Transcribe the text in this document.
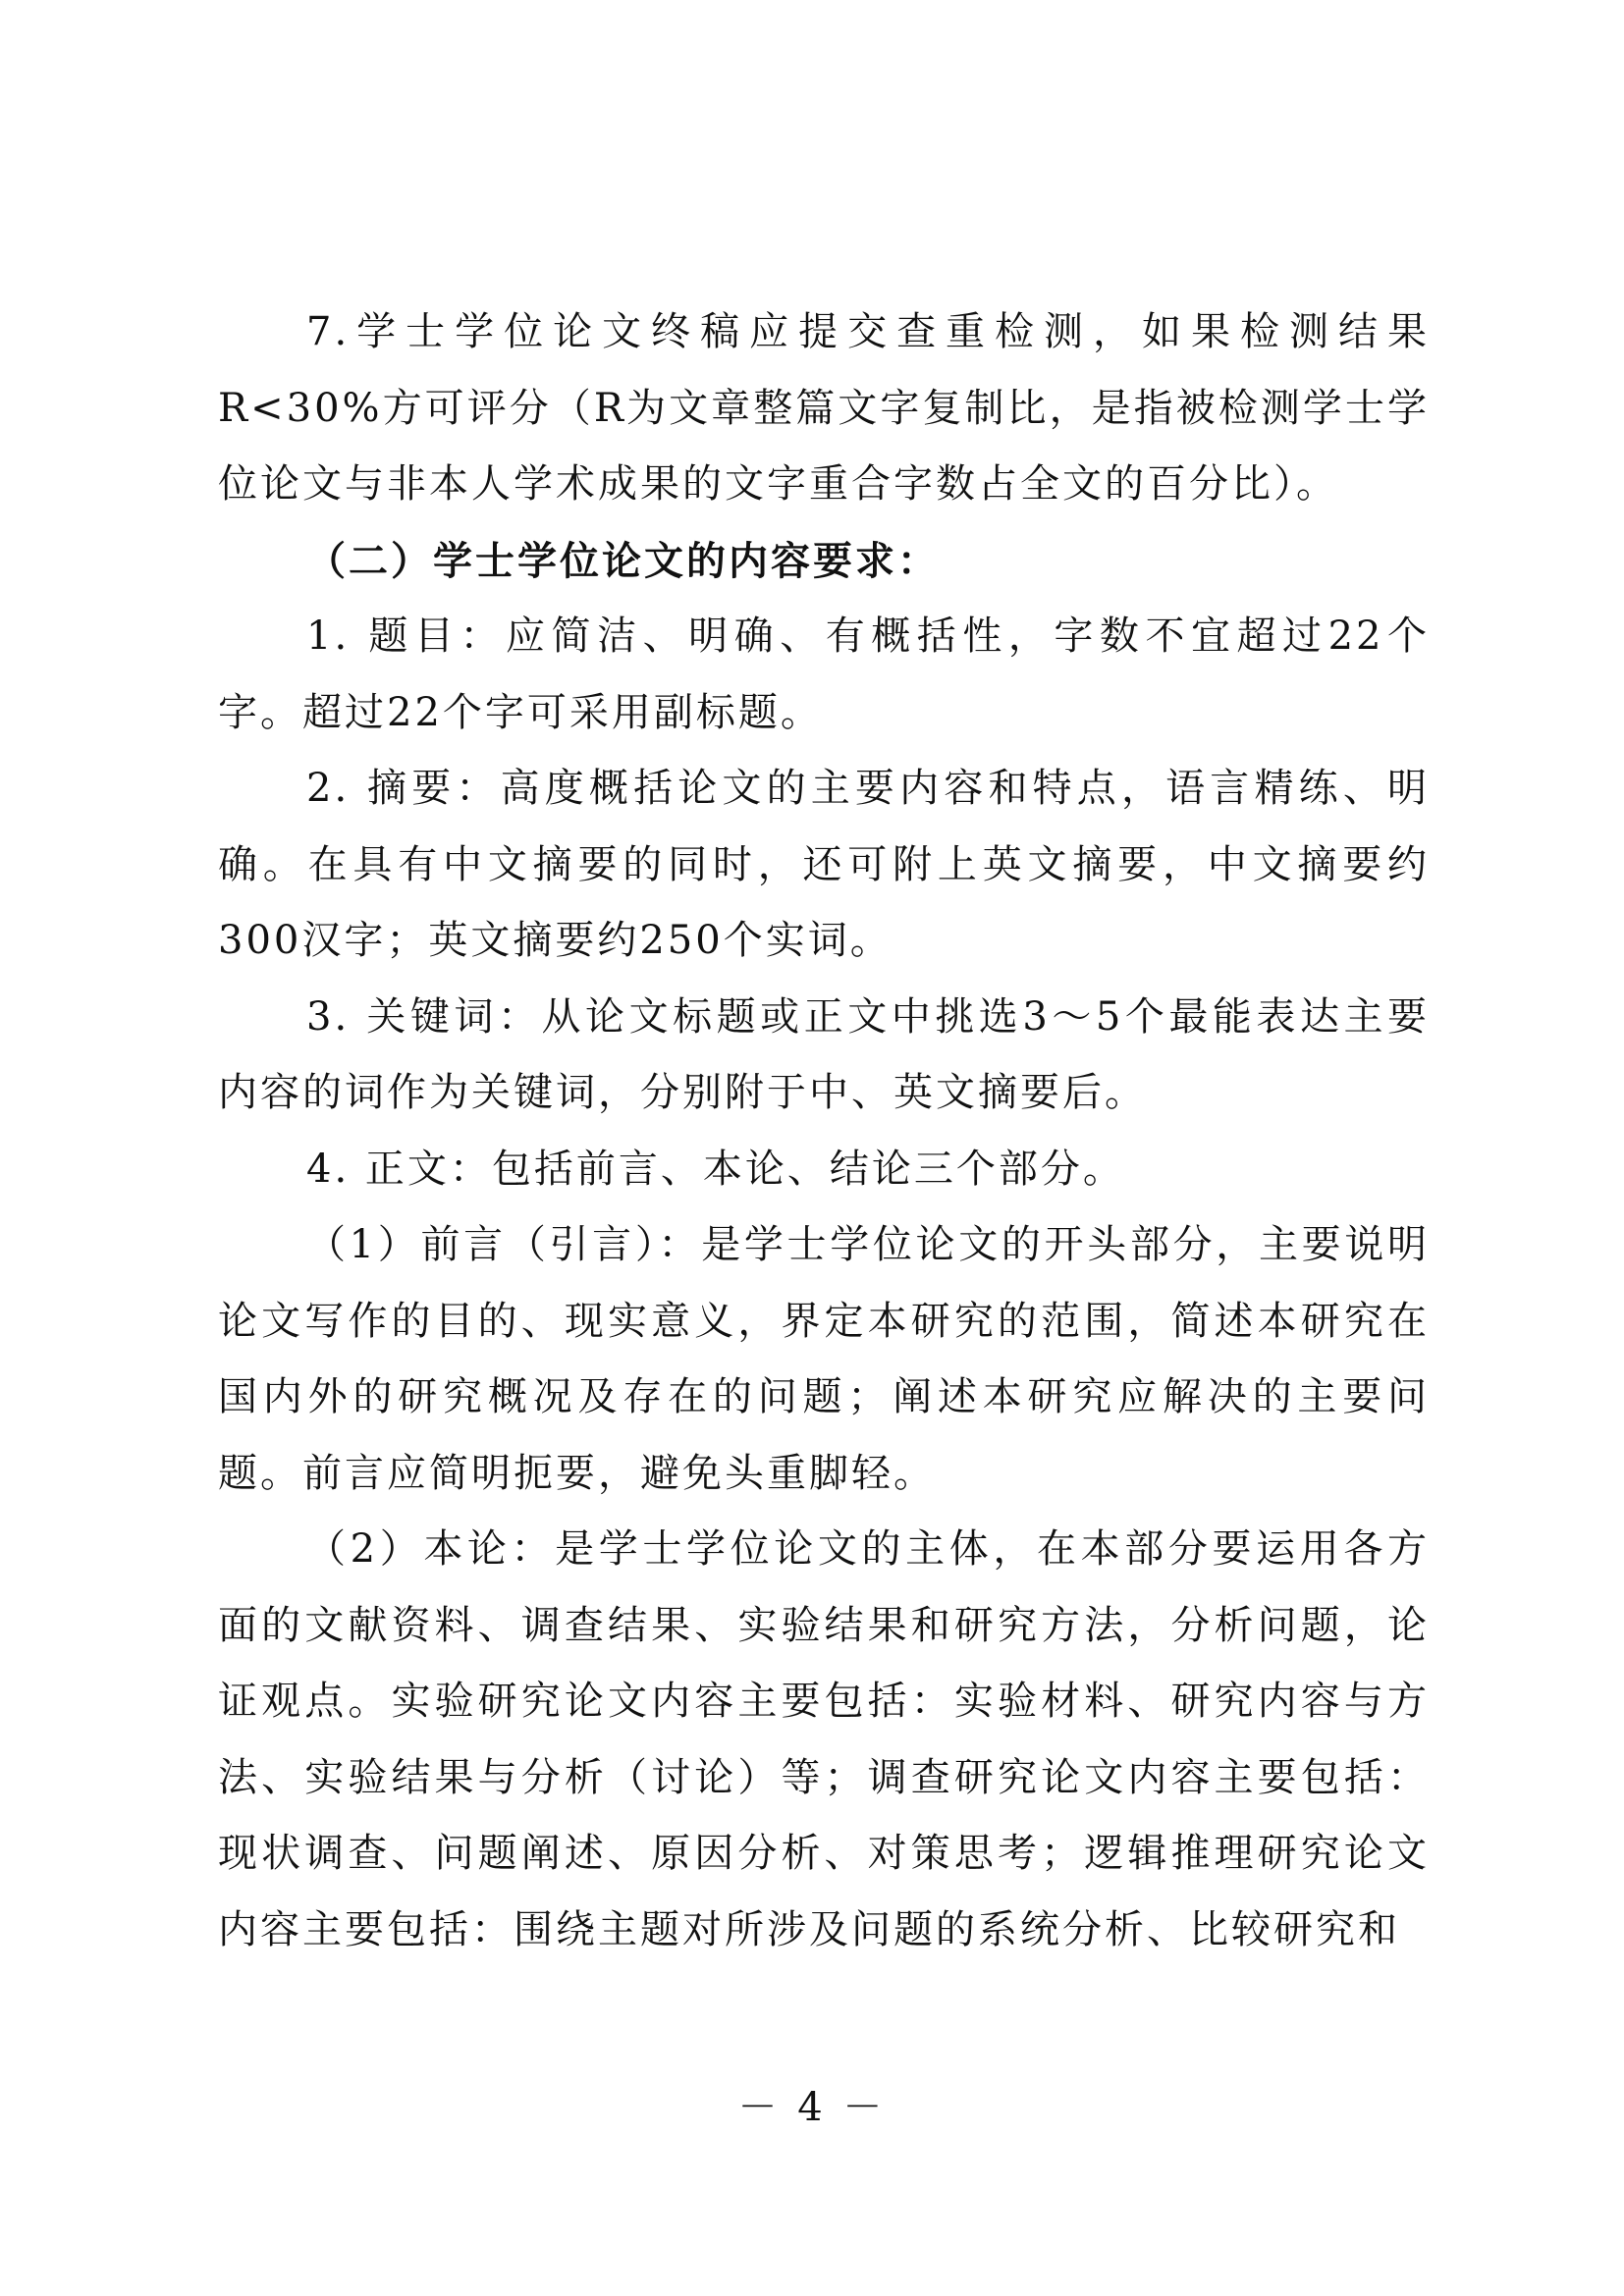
7.学士学位论文终稿应提交查重检测，如果检测结果R<30%方可评分（R为文章整篇文字复制比，是指被检测学士学位论文与非本人学术成果的文字重合字数占全文的百分比）。

（二）学士学位论文的内容要求：

1. 题目：应简洁、明确、有概括性，字数不宜超过22个字。超过22个字可采用副标题。

2. 摘要：高度概括论文的主要内容和特点，语言精练、明确。在具有中文摘要的同时，还可附上英文摘要，中文摘要约300汉字；英文摘要约250个实词。

3. 关键词：从论文标题或正文中挑选3～5个最能表达主要内容的词作为关键词，分别附于中、英文摘要后。

4. 正文：包括前言、本论、结论三个部分。

（1）前言（引言）：是学士学位论文的开头部分，主要说明论文写作的目的、现实意义，界定本研究的范围，简述本研究在国内外的研究概况及存在的问题；阐述本研究应解决的主要问题。前言应简明扼要，避免头重脚轻。

（2）本论：是学士学位论文的主体，在本部分要运用各方面的文献资料、调查结果、实验结果和研究方法，分析问题，论证观点。实验研究论文内容主要包括：实验材料、研究内容与方法、实验结果与分析（讨论）等；调查研究论文内容主要包括：现状调查、问题阐述、原因分析、对策思考；逻辑推理研究论文内容主要包括：围绕主题对所涉及问题的系统分析、比较研究和

－ 4 －
